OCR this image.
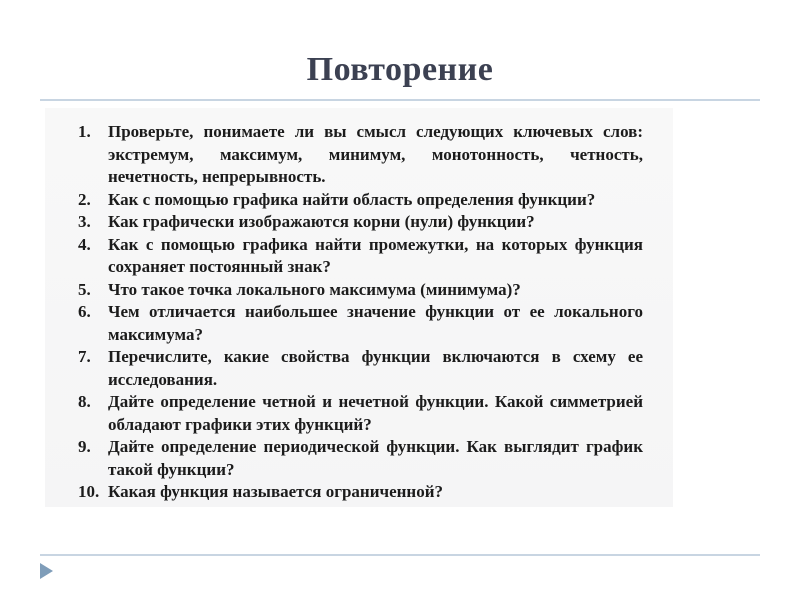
Повторение
1. Проверьте, понимаете ли вы смысл следующих ключевых слов: экстремум, максимум, минимум, монотонность, четность, нечетность, непрерывность.
2. Как с помощью графика найти область определения функции?
3. Как графически изображаются корни (нули) функции?
4. Как с помощью графика найти промежутки, на которых функция сохраняет постоянный знак?
5. Что такое точка локального максимума (минимума)?
6. Чем отличается наибольшее значение функции от ее локального максимума?
7. Перечислите, какие свойства функции включаются в схему ее исследования.
8. Дайте определение четной и нечетной функции. Какой симметрией обладают графики этих функций?
9. Дайте определение периодической функции. Как выглядит график такой функции?
10. Какая функция называется ограниченной?
